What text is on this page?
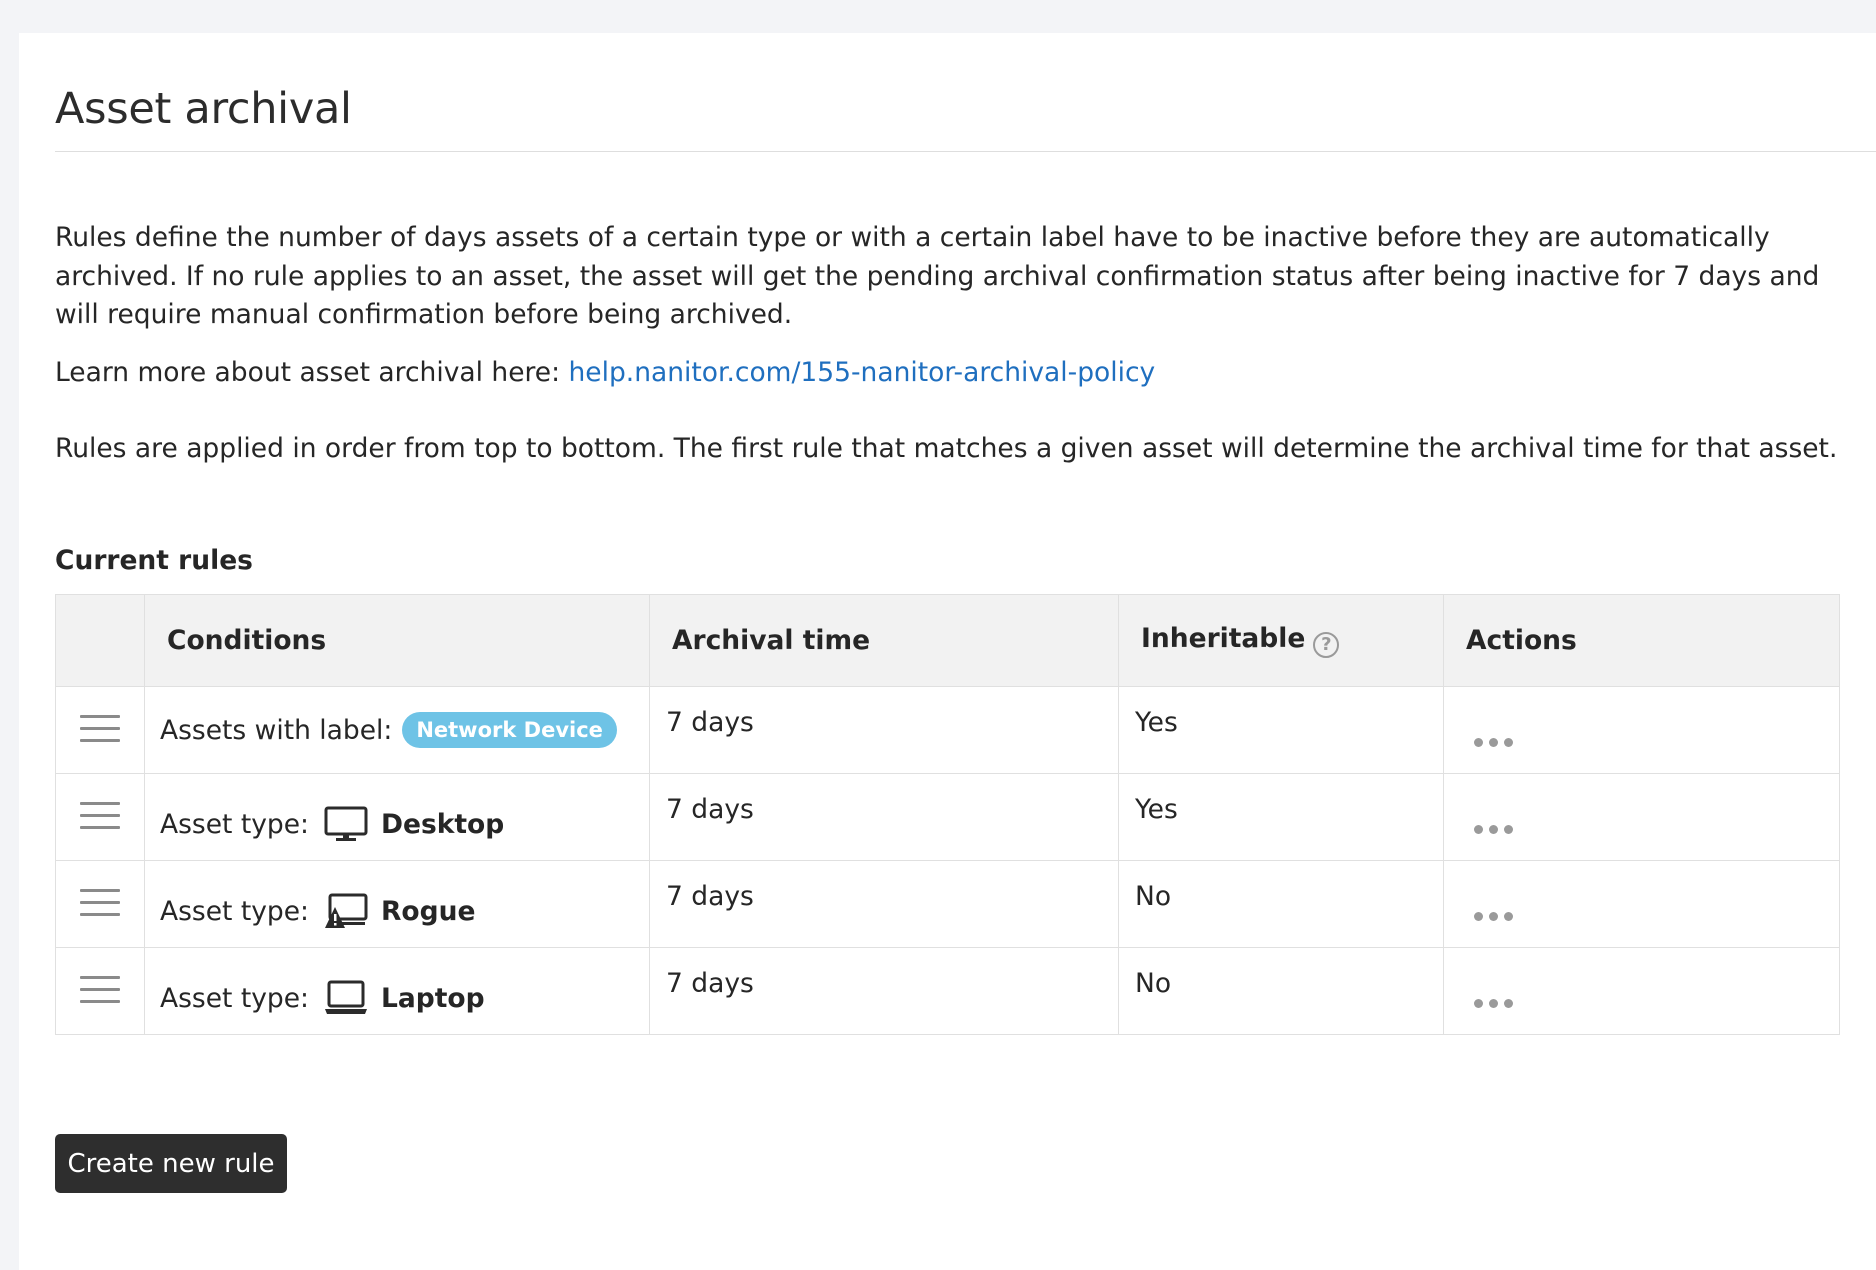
Asset archival

Rules define the number of days assets of a certain type or with a certain label have to be inactive before they are automatically archived. If no rule applies to an asset, the asset will get the pending archival confirmation status after being inactive for 7 days and will require manual confirmation before being archived.

Learn more about asset archival here: help.nanitor.com/155-nanitor-archival-policy

Rules are applied in order from top to bottom. The first rule that matches a given asset will determine the archival time for that asset.

Current rules
	Conditions	Archival time	Inheritable ?	Actions

	Assets with label: Network Device	7 days	Yes	

	Asset type: Desktop	7 days	Yes	

	Asset type: Rogue	7 days	No	

	Asset type: Laptop	7 days	No	
Create new rule
